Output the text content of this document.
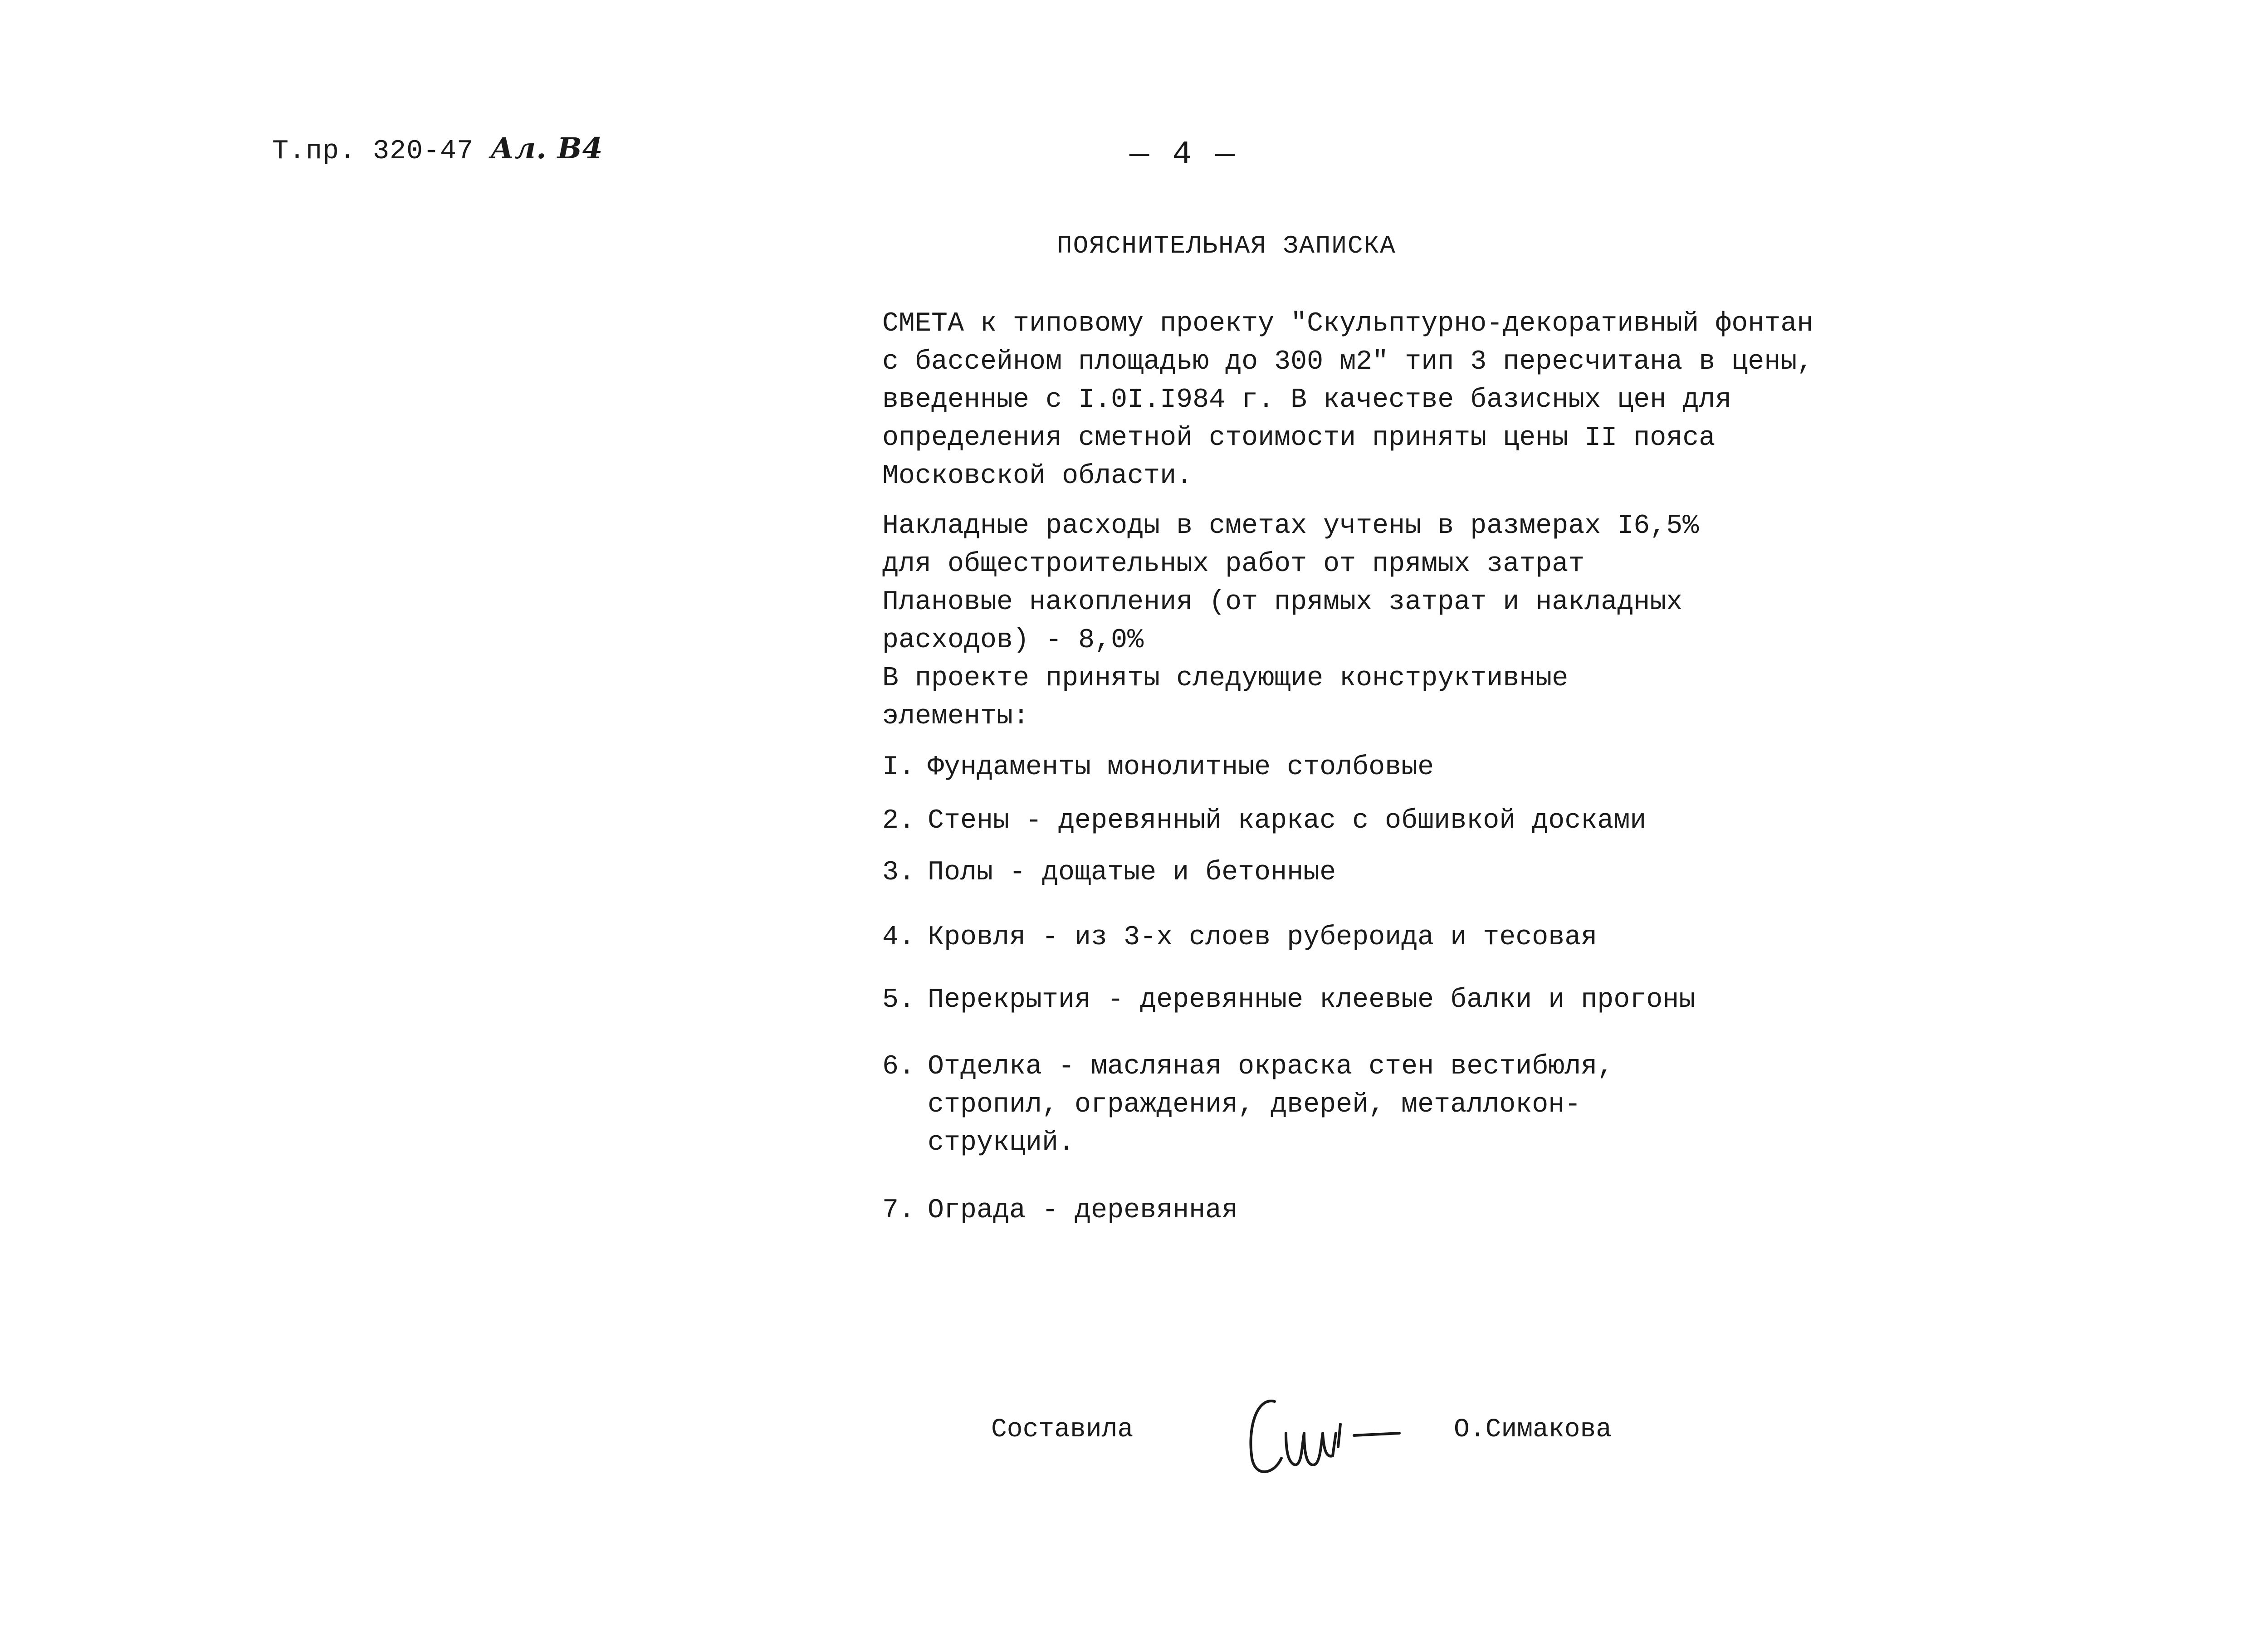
Т.пр. 320-47 Ал. В4	— 4 —
ПОЯСНИТЕЛЬНАЯ ЗАПИСКА
СМЕТА к типовому проекту "Скульптурно-декоративный фонтан
с бассейном площадью до 300 м2" тип 3 пересчитана в цены,
введенные с I.0I.I984 г. В качестве базисных цен для
определения сметной стоимости приняты цены II пояса
Московской области.
Накладные расходы в сметах учтены в размерах I6,5%
для общестроительных работ от прямых затрат
Плановые накопления (от прямых затрат и накладных
расходов) - 8,0%
В проекте приняты следующие конструктивные
элементы:
I. Фундаменты монолитные столбовые
2. Стены - деревянный каркас с обшивкой досками
3. Полы - дощатые и бетонные
4. Кровля - из 3-х слоев рубероида и тесовая
5. Перекрытия - деревянные клеевые балки и прогоны
6. Отделка - масляная окраска стен вестибюля,
стропил, ограждения, дверей, металлокон-
струкций.
7. Ограда - деревянная
Составила	О.Симакова
